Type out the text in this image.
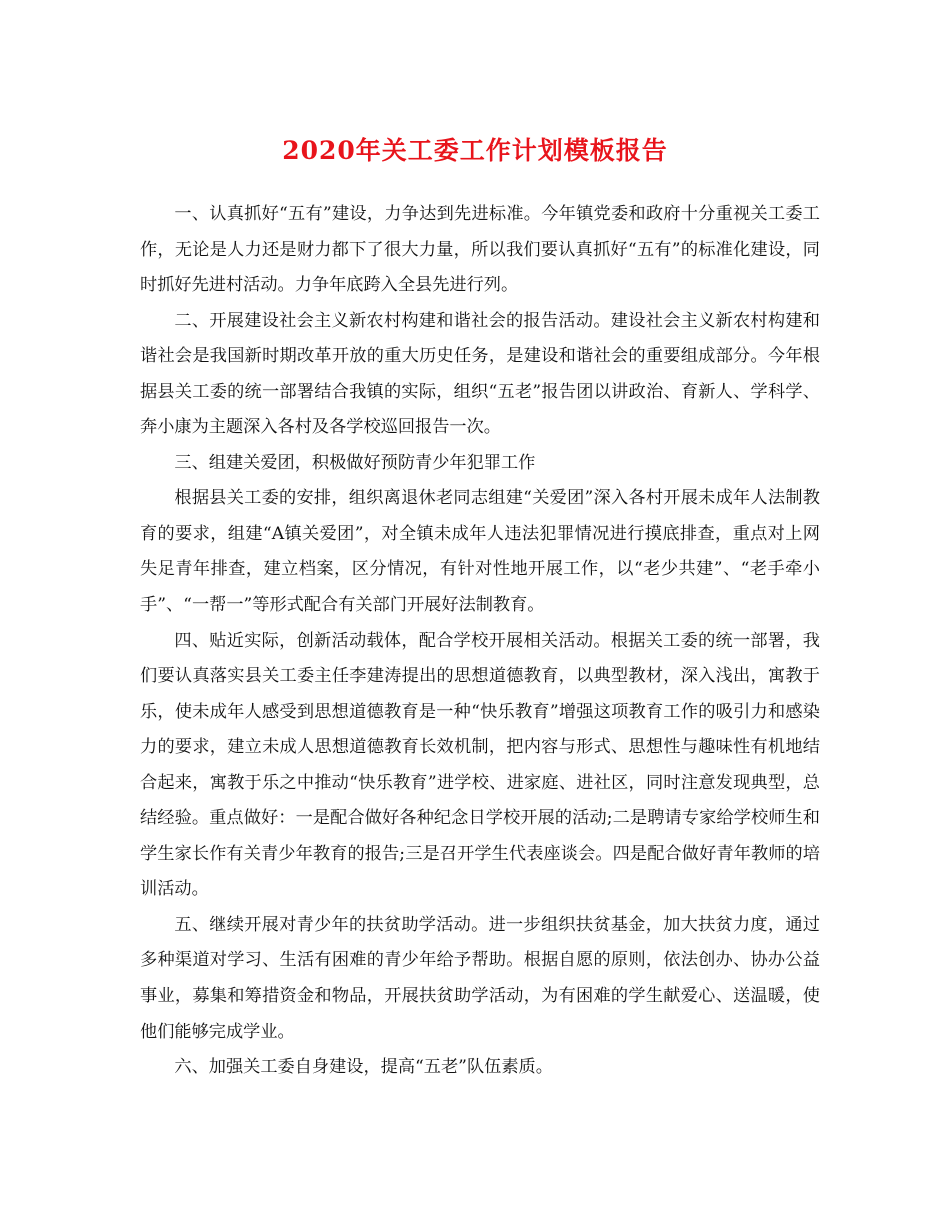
2020年关工委工作计划模板报告

一、认真抓好“五有”建设，力争达到先进标准。今年镇党委和政府十分重视关工委工作，无论是人力还是财力都下了很大力量，所以我们要认真抓好“五有”的标准化建设，同时抓好先进村活动。力争年底跨入全县先进行列。

二、开展建设社会主义新农村构建和谐社会的报告活动。建设社会主义新农村构建和谐社会是我国新时期改革开放的重大历史任务，是建设和谐社会的重要组成部分。今年根据县关工委的统一部署结合我镇的实际，组织“五老”报告团以讲政治、育新人、学科学、奔小康为主题深入各村及各学校巡回报告一次。

三、组建关爱团，积极做好预防青少年犯罪工作

根据县关工委的安排，组织离退休老同志组建“关爱团”深入各村开展未成年人法制教育的要求，组建“A镇关爱团”，对全镇未成年人违法犯罪情况进行摸底排查，重点对上网失足青年排查，建立档案，区分情况，有针对性地开展工作，以“老少共建”、“老手牵小手”、“一帮一”等形式配合有关部门开展好法制教育。

四、贴近实际，创新活动载体，配合学校开展相关活动。根据关工委的统一部署，我们要认真落实县关工委主任李建涛提出的思想道德教育，以典型教材，深入浅出，寓教于乐，使未成年人感受到思想道德教育是一种“快乐教育”增强这项教育工作的吸引力和感染力的要求，建立未成人思想道德教育长效机制，把内容与形式、思想性与趣味性有机地结合起来，寓教于乐之中推动“快乐教育”进学校、进家庭、进社区，同时注意发现典型，总结经验。重点做好：一是配合做好各种纪念日学校开展的活动;二是聘请专家给学校师生和学生家长作有关青少年教育的报告;三是召开学生代表座谈会。四是配合做好青年教师的培训活动。

五、继续开展对青少年的扶贫助学活动。进一步组织扶贫基金，加大扶贫力度，通过多种渠道对学习、生活有困难的青少年给予帮助。根据自愿的原则，依法创办、协办公益事业，募集和筹措资金和物品，开展扶贫助学活动，为有困难的学生献爱心、送温暖，使他们能够完成学业。

六、加强关工委自身建设，提高“五老”队伍素质。
